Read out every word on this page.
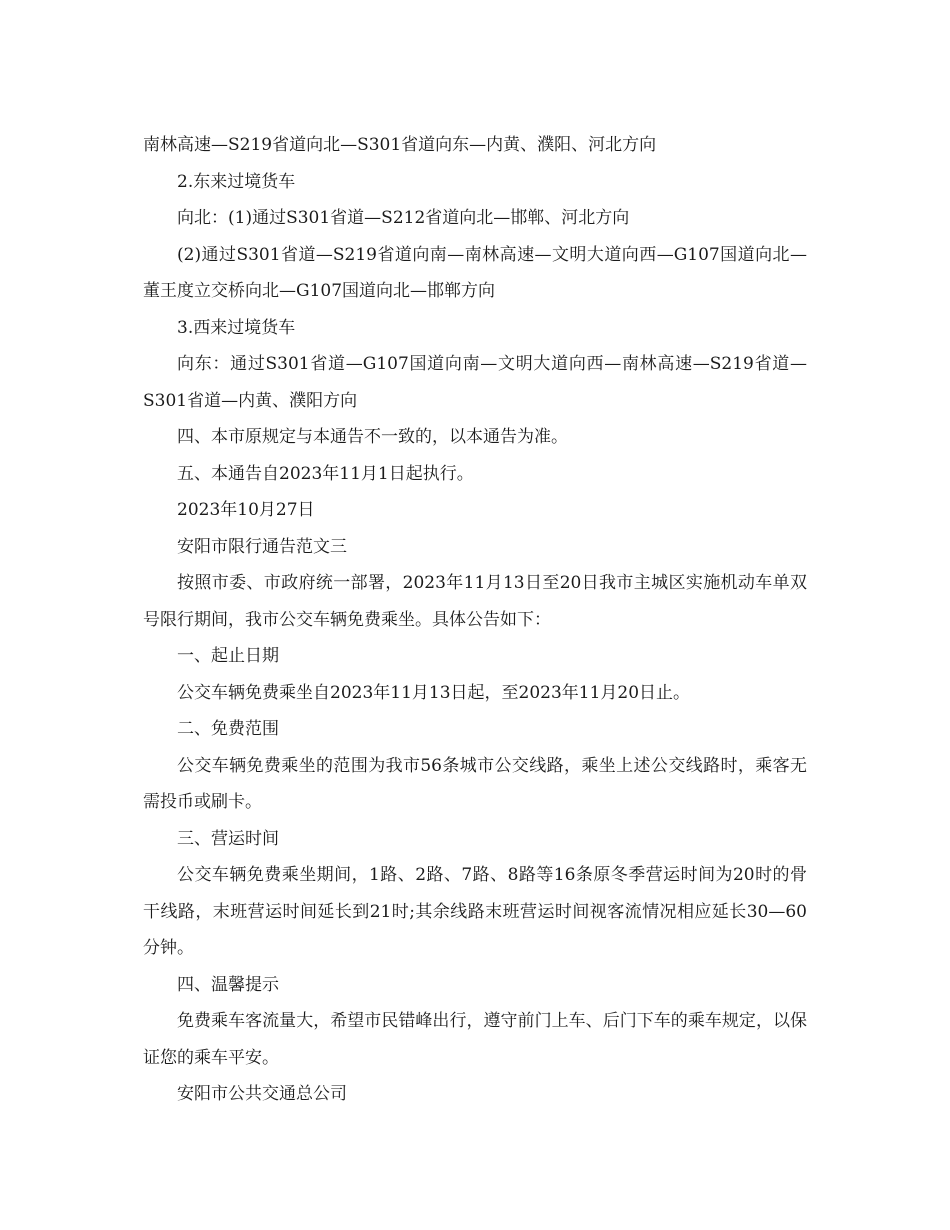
南林高速—S219省道向北—S301省道向东—内黄、濮阳、河北方向

2.东来过境货车

向北：(1)通过S301省道—S212省道向北—邯郸、河北方向

(2)通过S301省道—S219省道向南—南林高速—文明大道向西—G107国道向北—董王度立交桥向北—G107国道向北—邯郸方向

3.西来过境货车

向东：通过S301省道—G107国道向南—文明大道向西—南林高速—S219省道—S301省道—内黄、濮阳方向

四、本市原规定与本通告不一致的，以本通告为准。

五、本通告自2023年11月1日起执行。

2023年10月27日

安阳市限行通告范文三

按照市委、市政府统一部署，2023年11月13日至20日我市主城区实施机动车单双号限行期间，我市公交车辆免费乘坐。具体公告如下：

一、起止日期

公交车辆免费乘坐自2023年11月13日起，至2023年11月20日止。

二、免费范围

公交车辆免费乘坐的范围为我市56条城市公交线路，乘坐上述公交线路时，乘客无需投币或刷卡。

三、营运时间

公交车辆免费乘坐期间，1路、2路、7路、8路等16条原冬季营运时间为20时的骨干线路，末班营运时间延长到21时;其余线路末班营运时间视客流情况相应延长30—60分钟。

四、温馨提示

免费乘车客流量大，希望市民错峰出行，遵守前门上车、后门下车的乘车规定，以保证您的乘车平安。

安阳市公共交通总公司
